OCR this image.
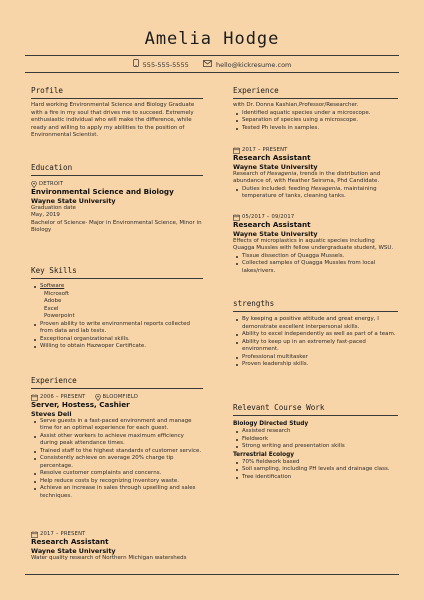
Amelia Hodge
555-555-5555	hello@kickresume.com
Profile
Hard working Environmental Science and Biology Graduate with a fire in my soul that drives me to succeed. Extremely enthusiastic individual who will make the difference, while ready and willing to apply my abilities to the position of Environmental Scientist.
Education
DETROIT
Environmental Science and Biology
Wayne State University
Graduation date
May, 2019
Bachelor of Science- Major in Environmental Science, Minor in Biology
Key Skills
Software
Microsoft
Adobe
Excel
Powerpoint
Proven ability to write environmental reports collected from data and lab tests.
Exceptional organizational skills.
Willing to obtain Hazwoper Certificate.
Experience
2006 – PRESENT	BLOOMFIELD
Server, Hostess, Cashier
Steves Deli
Serve guests in a fast-paced environment and manage time for an optimal experience for each guest.
Assist other workers to achieve maximum efficiency during peak attendance times.
Trained staff to the highest standards of customer service.
Consistently achieve on average 20% charge tip percentage.
Resolve customer complaints and concerns.
Help reduce costs by recognizing inventory waste.
Achieve an increase in sales through upselling and sales techniques.
2017 – PRESENT
Research Assistant
Wayne State University
Water quality research of Northern Michigan watersheds
Experience
with Dr. Donna Kashian,Professor/Researcher.
Identified aquatic species under a microscope.
Separation of species using a microscope.
Tested Ph levels in samples.
2017 – PRESENT
Research Assistant
Wayne State University
Research of Hexagenia, trends in the distribution and abundance of, with Heather Seirsma, Phd Candidate.
Duties included: feeding Hexagenia, maintaining temperature of tanks, cleaning tanks.
05/2017 – 09/2017
Research Assistant
Wayne State University
Effects of microplastics in aquatic species including Quagga Mussles with fellow undergraduate student, WSU.
Tissue dissection of Quagga Mussels.
Collected samples of Quagga Mussles from local lakes/rivers.
strengths
By keeping a positive attitude and great energy, I demonstrate excellent interpersonal skills.
Ability to excel independently as well as part of a team.
Ability to keep up in an extremely fast-paced environment.
Professional multitasker
Proven leadership skills.
Relevant Course Work
Biology Directed Study
Assisted research
Fieldwork
Strong writing and presentation skills
Terrestrial Ecology
70% fieldwork based
Soil sampling, including PH levels and drainage class.
Tree identification
